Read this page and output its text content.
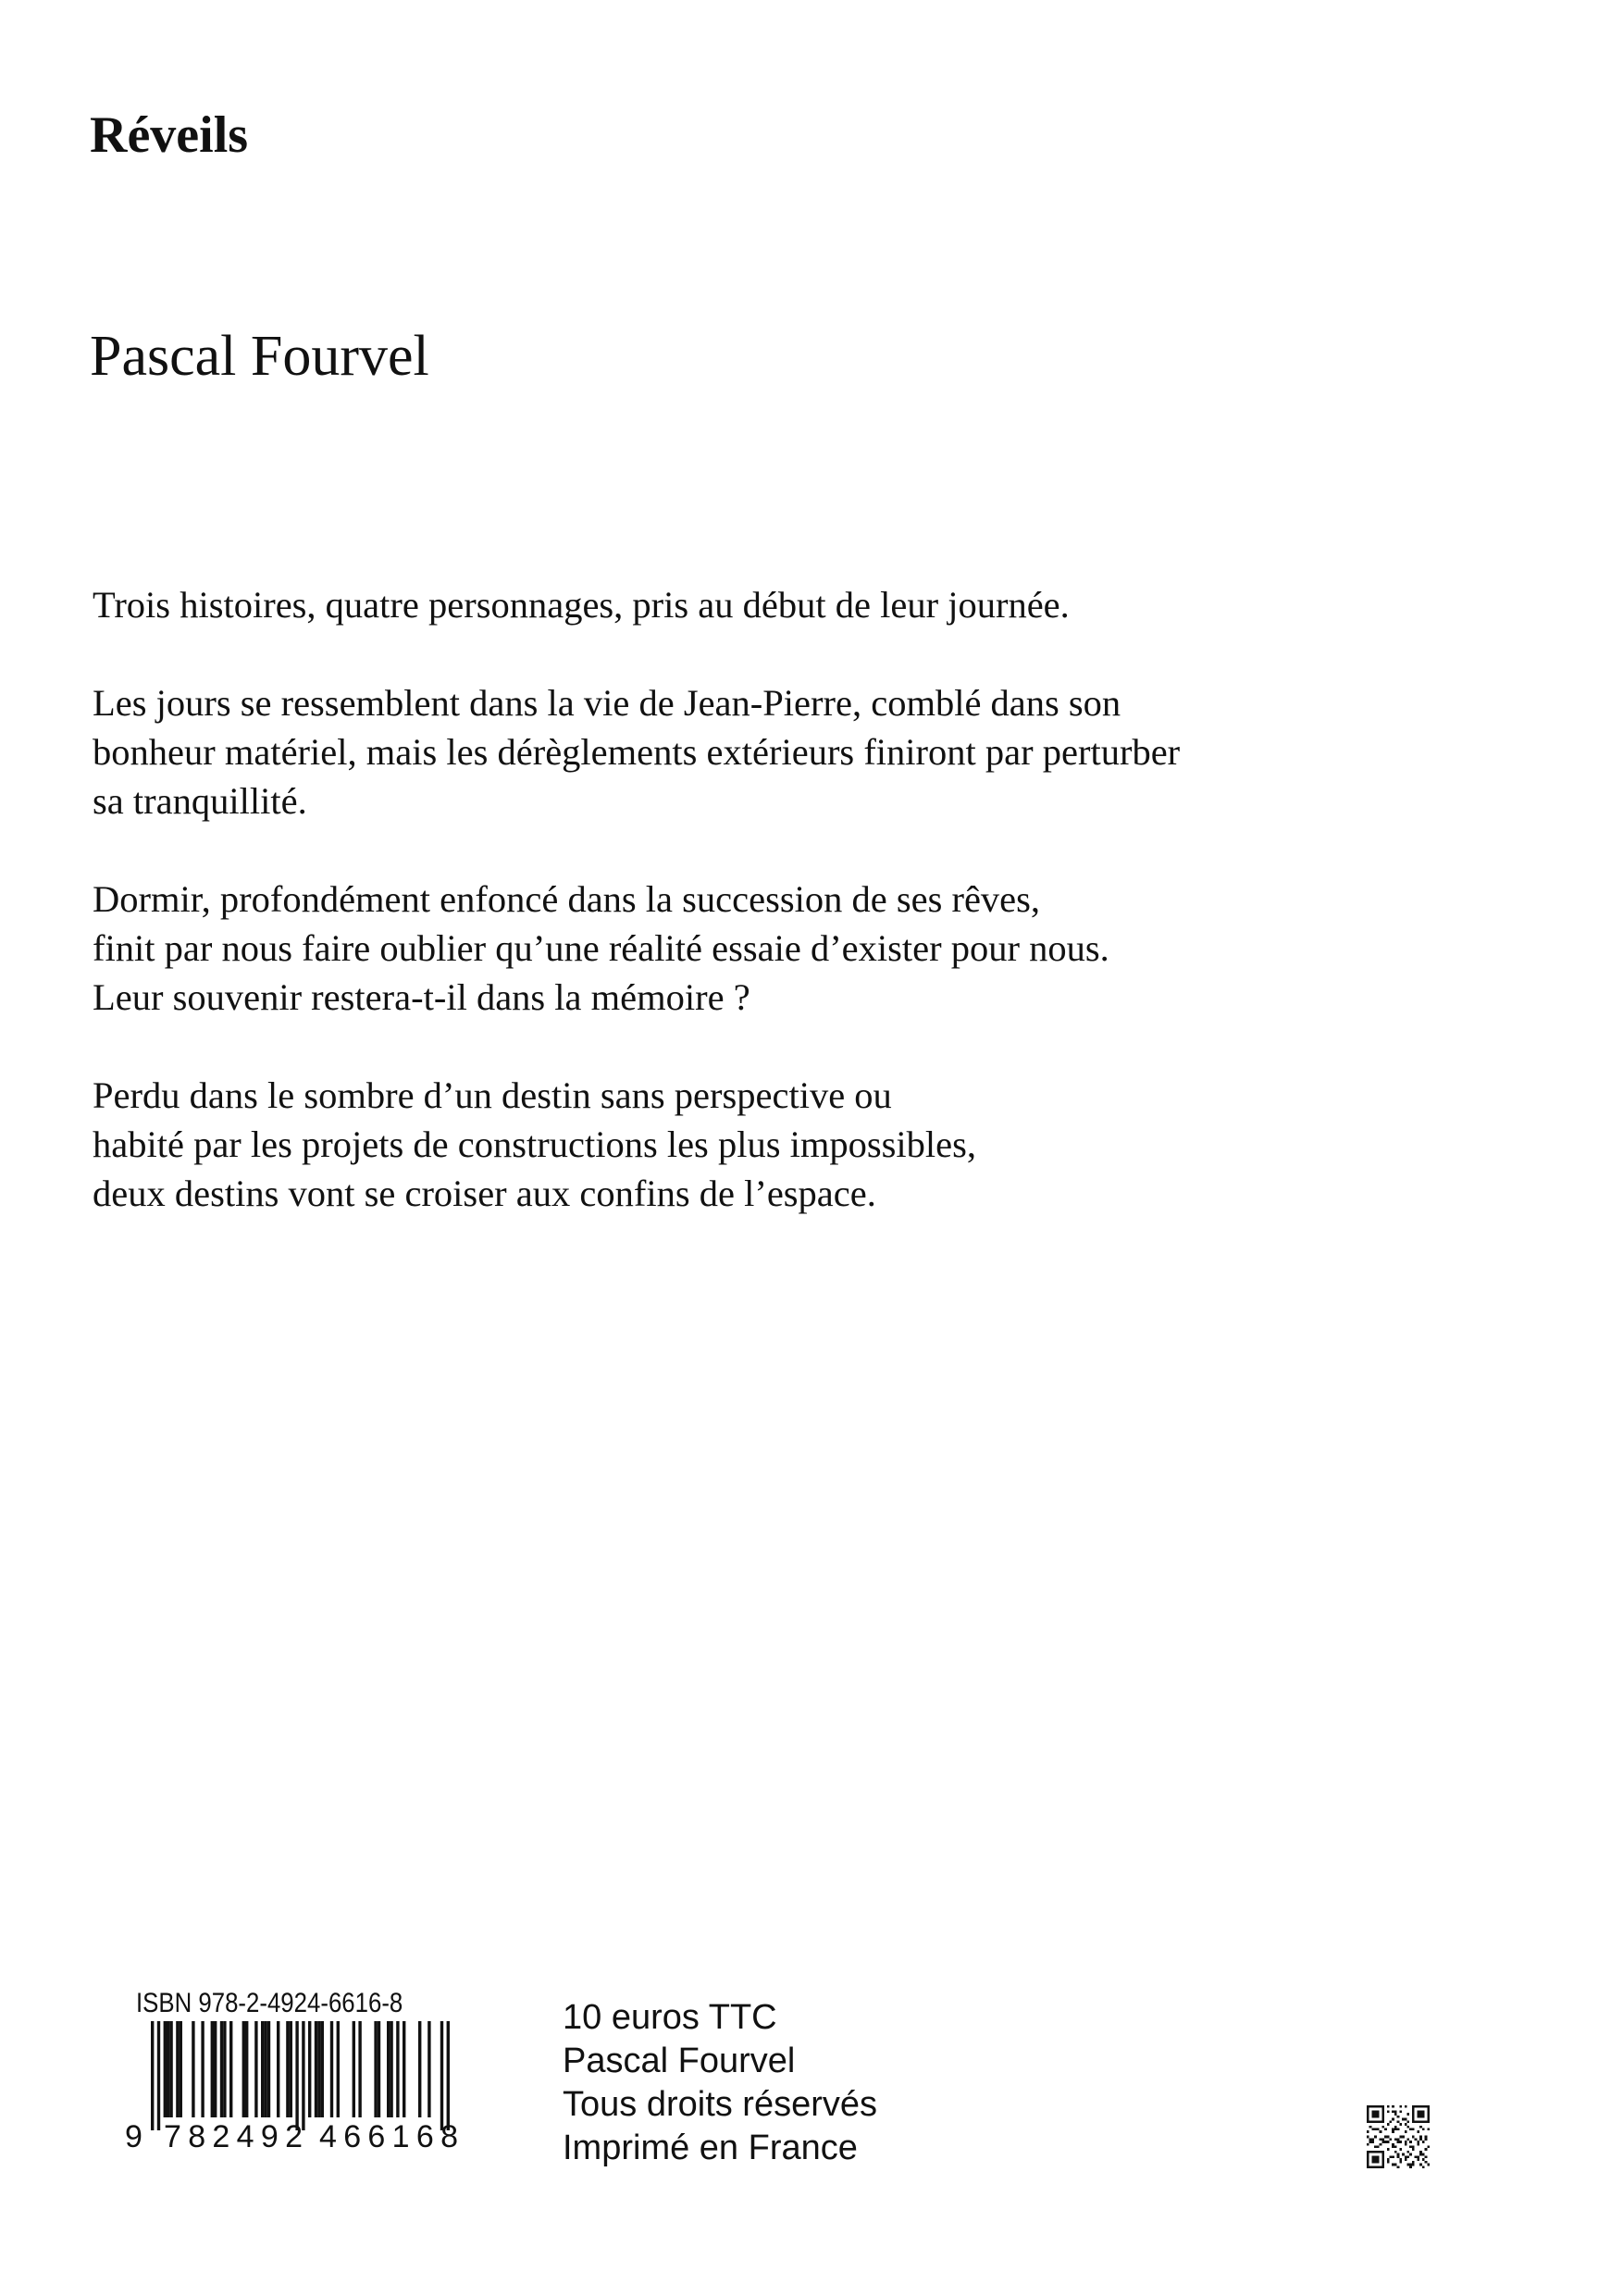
Réveils
Pascal Fourvel

Trois histoires, quatre personnages, pris au début de leur journée.

Les jours se ressemblent dans la vie de Jean-Pierre, comblé dans son
bonheur matériel, mais les dérèglements extérieurs finiront par perturber
sa tranquillité.

Dormir, profondément enfoncé dans la succession de ses rêves,
finit par nous faire oublier qu’une réalité essaie d’exister pour nous.
Leur souvenir restera-t-il dans la mémoire ?

Perdu dans le sombre d’un destin sans perspective ou
habité par les projets de constructions les plus impossibles,
deux destins vont se croiser aux confins de l’espace.

ISBN 978-2-4924-6616-8
9 782492 466168
10 euros TTC
Pascal Fourvel
Tous droits réservés
Imprimé en France
